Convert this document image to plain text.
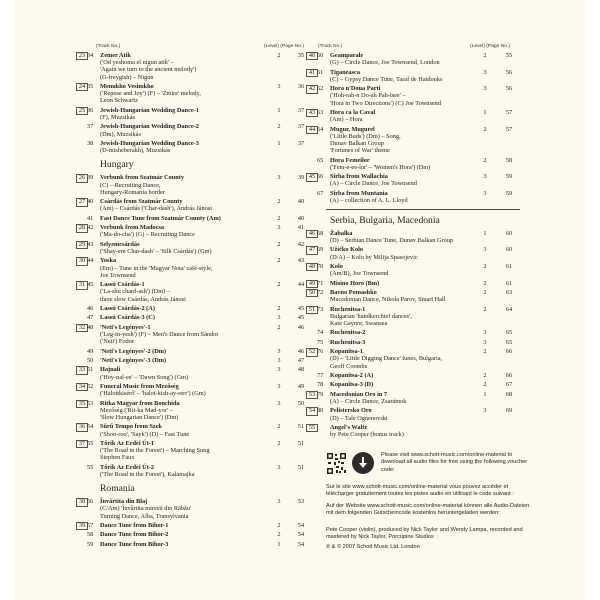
(Track No.)	(Level) (Page No.)	(Track No.)	(Level) (Page No.)
23 34	Zemer Atik
('Od yeshoma el nigun atik' –
'Again we turn to the ancient melody')
(G-freygish) – Nigun
2	35
24 35	Menukho Vesimkho
('Repose and Joy') (F) – 'Zmire' melody,
Leon Schwartz
3	36
25 36	Jewish-Hungarian Wedding Dance-1
(F), Muzsikás
1	37
37	Jewish-Hungarian Wedding Dance-2
(Dm), Muzsikás
2	37
38	Jewish-Hungarian Wedding Dance-3
(D-misheberakh), Muzsikás
1	37
Hungary
26 39	Verbunk from Szatmár County
(C) – Recruiting Dance,
Hungary-Romania border
3	39
27 40	Csárdás from Szatmár County
(Am) – Csárdás ('Char-dash'), András Jánosi
2	40
41	Fast Dance Tune from Szatmár County (Am)	2	40
28 42	Verbunk from Madocsa
('Ma-do-cha') (G) – Recruiting Dance
3	41
29 43	Selyemcsárdás
('Shay-em Char-dash' – 'Silk Csárdás') (Gm)
2	42
30 44	Yoska
(Em) – Tune in the 'Magyar Nota' café-style,
Joe Townsend
2	43
31 45	Lassú Csárdás-1
('La-shu chard-ash') (Dm) –
three slow Csárdás, András Jánosi
2	44
46	Lassú Csárdás-2 (A)	2	45
47	Lassú Csárdás-3 (C)	3	45
32 48	'Neti's Legényes'-1
('Leg-in-yesh') (F) – Men's Dance from Sándor
('Neti') Fodor
2	46
49	'Neti's Legényes'-2 (Dm)	3	46
50	'Neti's Legényes'-3 (Dm)	3	47
33 51	Hajnali
('Hoy-nal-ee' – 'Dawn Song') (Gm)
3	48
34 52	Funeral Music from Mezőség
('Halottkisérő' – 'halot-kish-ay-rerr') (Gm)
3	49
35 53	Ritka Magyar from Bonchida
Mezőség ('Rit-ka Mad-yor' –
'Slow Hungarian Dance') (Dm)
3	50
36 54	Sűrű Tempo from Szek
('Shoo-roo', 'Sayk') (D) – Fast Tune
2	51
37 55	Tőrik Az Erdei Út-1
('The Road in the Forest') – Marching Song
Stephen Faux
2	51
55	Tőrik Az Erdei Út-2
('The Road in the Forest'), Kalamajka
3	51
Romania
38 56	Învârtita din Blaj
(C/Am) 'Învârtita miresii din Răbău'
Turning Dance, Alba, Transylvania
3	53
39 57	Dance Tune from Bihor-1	2	54
58	Dance Tune from Bihor-2	2	54
59	Dance Tune from Bihor-3	1	54
40 60	Geamparale
(G) – Circle Dance, Joe Townsend, London
2	55
41 61	Tiganeasca
(C) – Gypsy Dance Tune, Taraf de Haidouks
3	56
42 62	Hora n'Doua Parti
('Hoh-rah-n Do-ah Pah-tsee' –
'Hora in Two Directions') (C) Joe Townsend
3	56
43 63	Hora ca la Caval
(Am) – Hora
1	57
44 64	Mugur, Mugurel
('Little Buds') (Dm) – Song,
Dunav Balkan Group
'Fortunes of War' theme
2	57
65	Hora Femeilor
('Fem-e-ee-lor' – 'Women's Hora') (Dm)
2	58
45 66	Sîrba from Wallachia
(A) – Circle Dance, Joe Townsend
3	59
67	Sîrba from Muntania
(A) – collection of A. L. Lloyd
3	59
Serbia, Bulgaria, Macedonia
46 68	Žabalka
(D) – Serbian Dance Tune, Dunav Balkan Group
1	60
47 69	Užičko Kolo
(D/A) – Kolo by Milija Spasojevic
3	60
48 70	Kolo
(Am/B), Joe Townsend
2	61
49 71	Misino Horo (Bm)	2	61
50 72	Bavno Pomashko
Macedonian Dance, Nikola Parov, Stuart Hall
2	63
51 73	Ruchenitsa-1
Bulgarian 'handkerchief dances',
Kate Gaynor, Swansea
2	64
74	Ruchenitsa-2	3	65
75	Ruchenitsa-3	3	65
52 76	Kopanitsa-1
(D) – 'Little Digging Dance' tunes, Bulgaria,
Geoff Coombs
2	66
77	Kopanitsa-2 (A)	2	66
78	Kopanitsa-3 (D)	2	67
53 79	Macedonian Oro in 7
(A) – Circle Dance, Zsarátnok
1	68
54 80	Pelistersko Oro
(D) – Tale Ognenovski
3	69
55	Angel's Waltz
by Pete Cooper (bonus track)

Please visit www.schott-music.com/online-material to download all audio files for free using the following voucher code:

Sur le site www.schott-music.com/online-material vous pouvez accéder et télécharger gratuitement toutes les pistes audio en utilisant le code suivant :

Auf der Website www.schott-music.com/online-material können alle Audio-Dateien mit dem folgenden Gutscheincode kostenlos heruntergeladen werden:

Pete Cooper (violin), produced by Nick Taylor and Wendy Lampa, recorded and mastered by Nick Taylor, Porcupine Studios

℗ & © 2007 Schott Music Ltd. London
